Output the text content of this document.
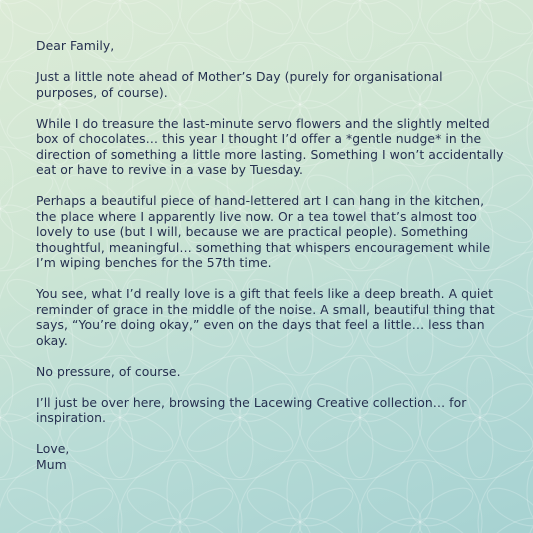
Dear Family,

Just a little note ahead of Mother’s Day (purely for organisational purposes, of course).

While I do treasure the last-minute servo flowers and the slightly melted box of chocolates… this year I thought I’d offer a *gentle nudge* in the direction of something a little more lasting. Something I won’t accidentally eat or have to revive in a vase by Tuesday.

Perhaps a beautiful piece of hand-lettered art I can hang in the kitchen, the place where I apparently live now. Or a tea towel that’s almost too lovely to use (but I will, because we are practical people). Something thoughtful, meaningful… something that whispers encouragement while I’m wiping benches for the 57th time.

You see, what I’d really love is a gift that feels like a deep breath. A quiet reminder of grace in the middle of the noise. A small, beautiful thing that says, “You’re doing okay,” even on the days that feel a little… less than okay.

No pressure, of course.

I’ll just be over here, browsing the Lacewing Creative collection… for inspiration.

Love,

Mum
